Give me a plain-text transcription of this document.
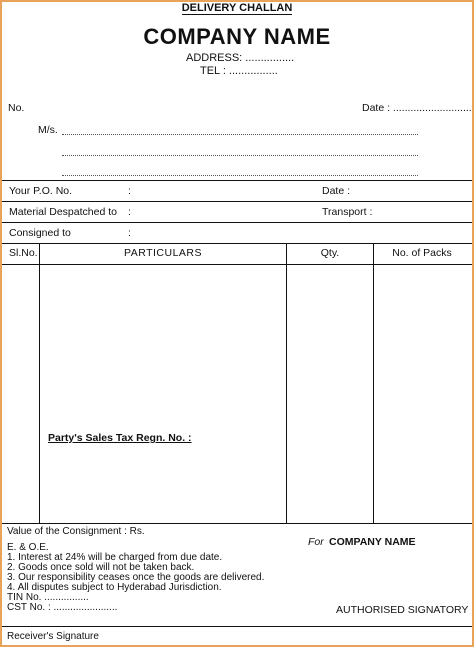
DELIVERY CHALLAN
COMPANY NAME
ADDRESS: ................
TEL : ................
No.	Date : ...........................
M/s.
Your P.O. No.	:	Date :
Material Despatched to :	Transport :
Consigned to	:
Sl.No.	PARTICULARS	Qty.	No. of Packs
Party's Sales Tax Regn. No. :
Value of the Consignment : Rs.
E. & O.E.
1. Interest at 24% will be charged from due date.
2. Goods once sold will not be taken back.
3. Our responsibility ceases once the goods are delivered.
4. All disputes subject to Hyderabad Jurisdiction.
TIN No. ................
CST No. : .......................
For COMPANY NAME
AUTHORISED SIGNATORY
Receiver's Signature
